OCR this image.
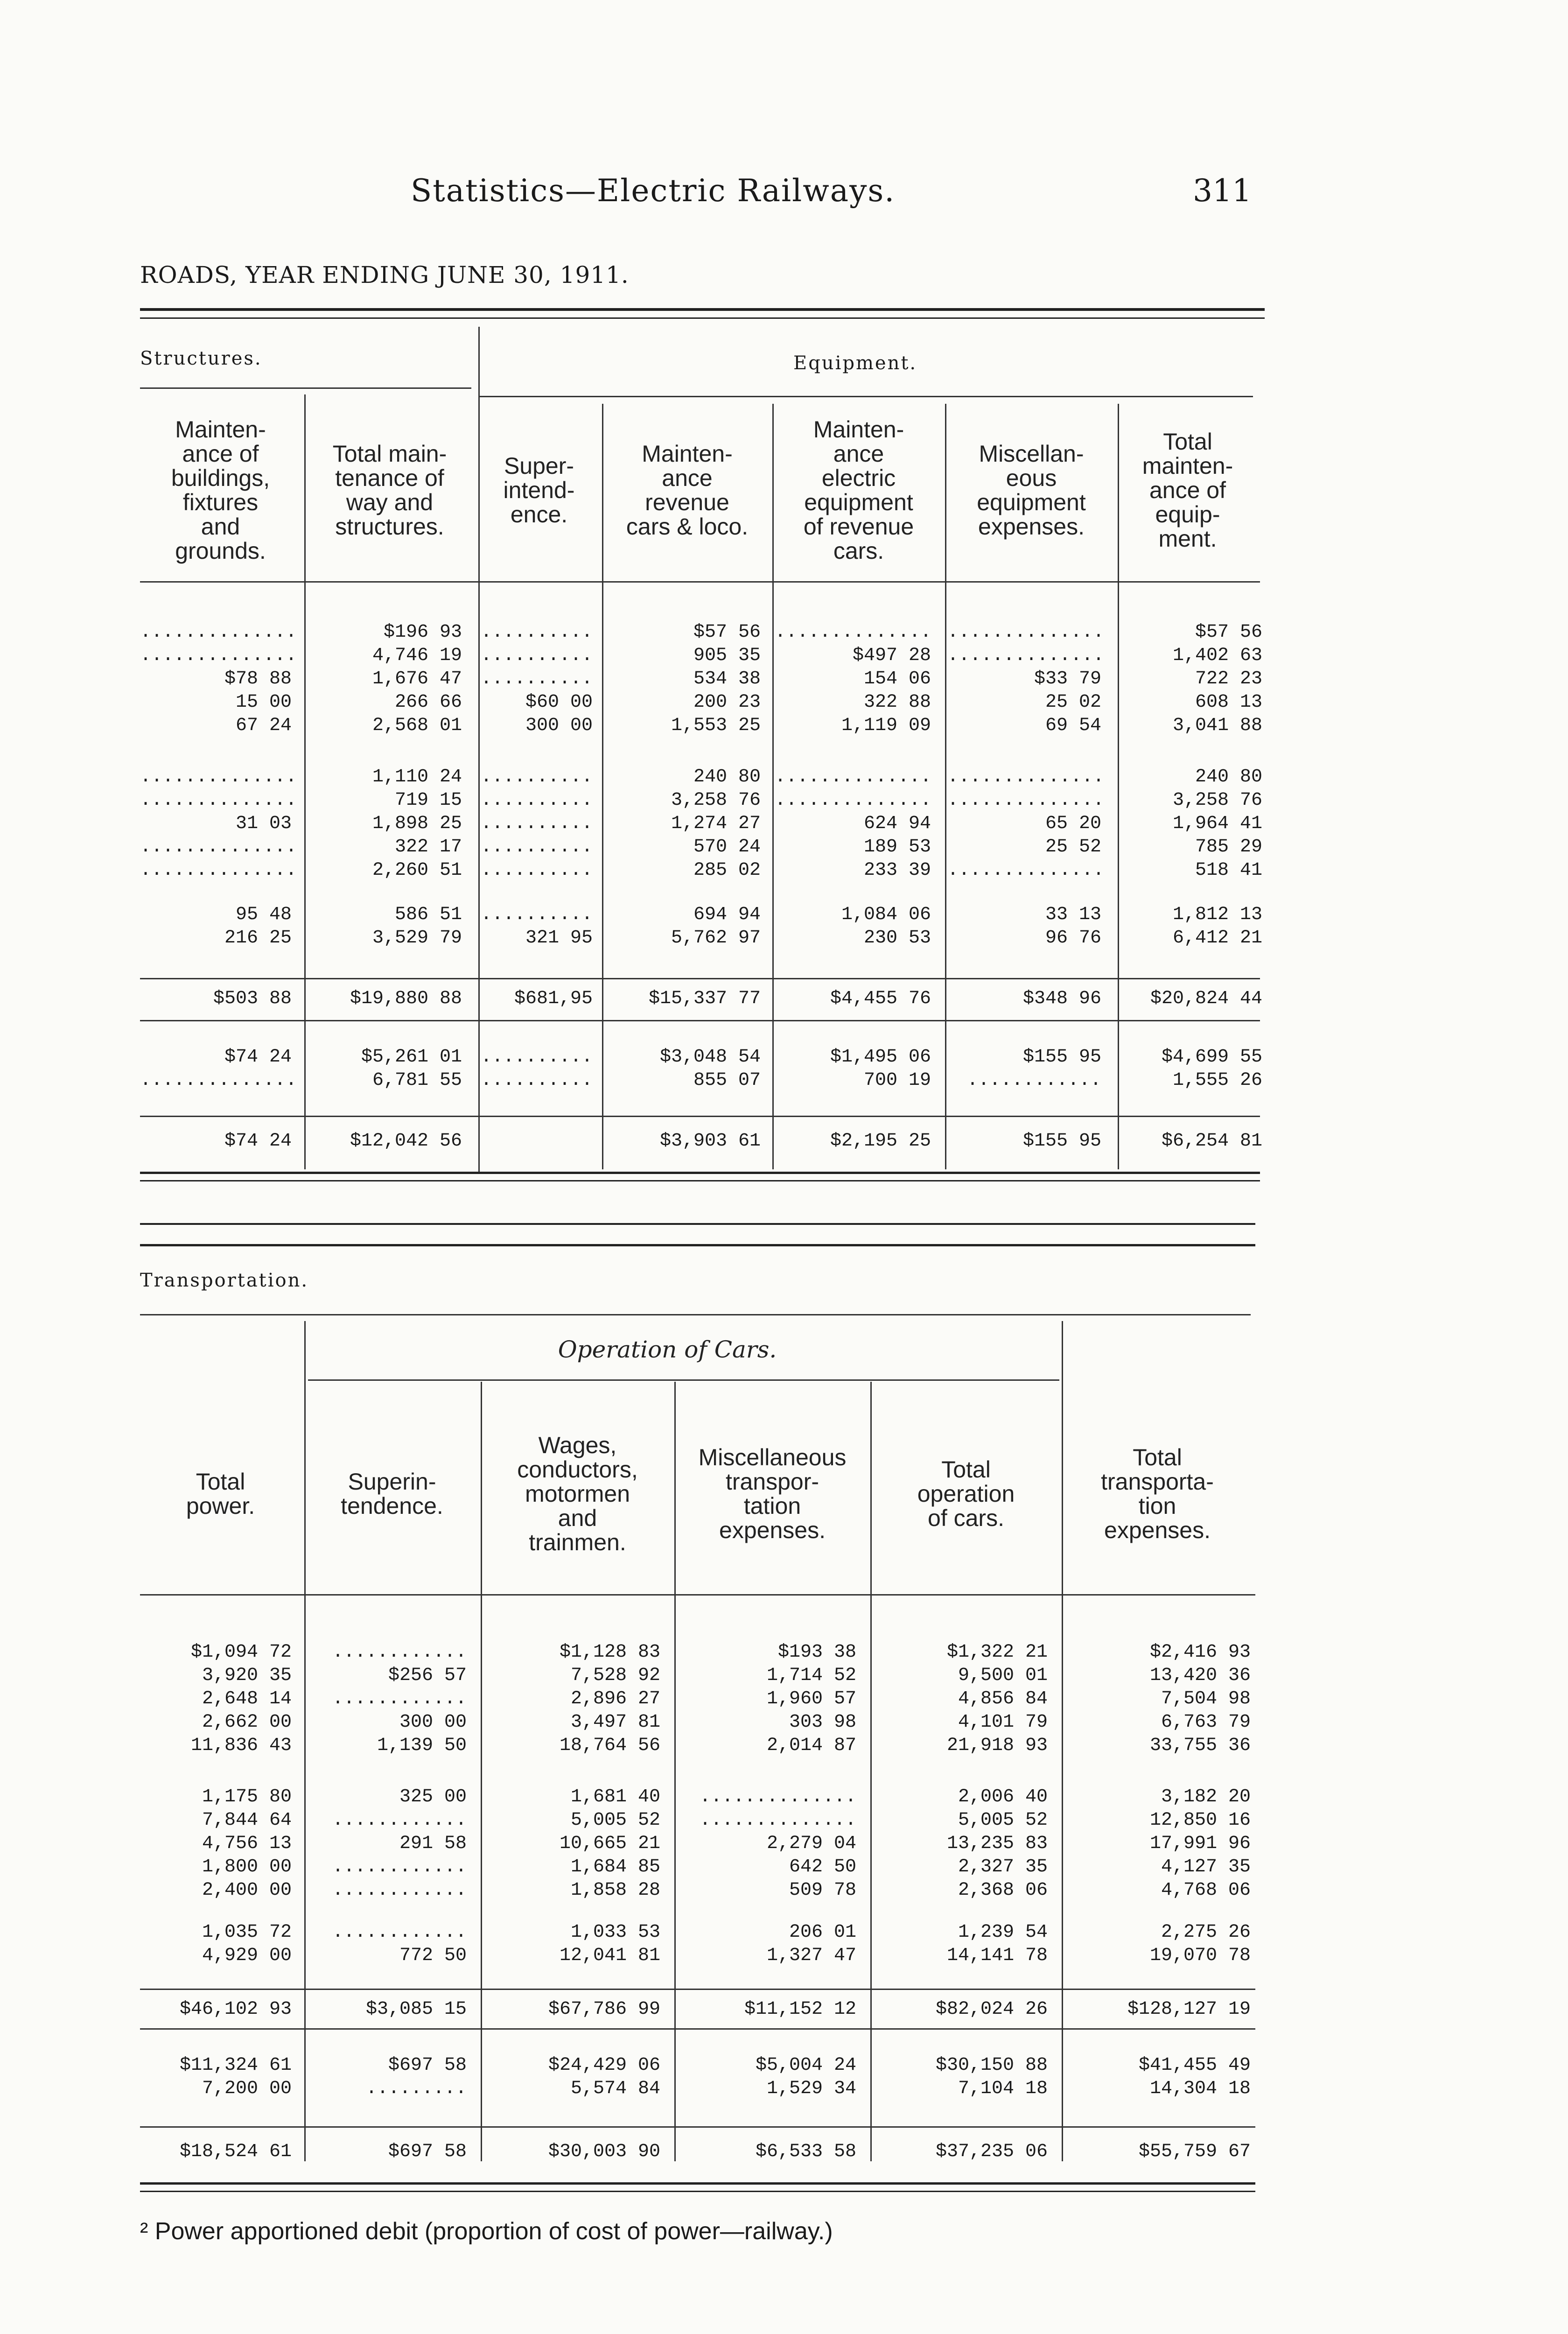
Statistics—Electric Railways.	311
ROADS, YEAR ENDING JUNE 30, 1911.
Structures.	Equipment.
Mainten-
ance of
buildings,
fixtures
and
grounds.
..............
..............
$78 88
15 00
67 24
..............
..............
31 03
..............
..............
95 48
216 25
$503 88
$74 24
..............
$74 24
Total main-
tenance of
way and
structures.
$196 93
4,746 19
1,676 47
266 66
2,568 01
1,110 24
719 15
1,898 25
322 17
2,260 51
586 51
3,529 79
$19,880 88
$5,261 01
6,781 55
$12,042 56
Super-
intend-
ence.
..........
..........
..........
$60 00
300 00
..........
..........
..........
..........
..........
..........
321 95
$681,95
..........
..........
Mainten-
ance
revenue
cars & loco.
$57 56
905 35
534 38
200 23
1,553 25
240 80
3,258 76
1,274 27
570 24
285 02
694 94
5,762 97
$15,337 77
$3,048 54
855 07
$3,903 61
Mainten-
ance
electric
equipment
of revenue
cars.
..............
$497 28
154 06
322 88
1,119 09
..............
..............
624 94
189 53
233 39
1,084 06
230 53
$4,455 76
$1,495 06
700 19
$2,195 25
Miscellan-
eous
equipment
expenses.
..............
..............
$33 79
25 02
69 54
..............
..............
65 20
25 52
..............
33 13
96 76
$348 96
$155 95
............
$155 95
Total
mainten-
ance of
equip-
ment.
$57 56
1,402 63
722 23
608 13
3,041 88
240 80
3,258 76
1,964 41
785 29
518 41
1,812 13
6,412 21
$20,824 44
$4,699 55
1,555 26
$6,254 81
Transportation.
Operation of Cars.
Total
power.
$1,094 72
3,920 35
2,648 14
2,662 00
11,836 43
1,175 80
7,844 64
4,756 13
1,800 00
2,400 00
1,035 72
4,929 00
$46,102 93
$11,324 61
7,200 00
$18,524 61
Superin-
tendence.
............
$256 57
............
300 00
1,139 50
325 00
............
291 58
............
............
............
772 50
$3,085 15
$697 58
.........
$697 58
Wages,
conductors,
motormen
and
trainmen.
$1,128 83
7,528 92
2,896 27
3,497 81
18,764 56
1,681 40
5,005 52
10,665 21
1,684 85
1,858 28
1,033 53
12,041 81
$67,786 99
$24,429 06
5,574 84
$30,003 90
Miscellaneous
transpor-
tation
expenses.
$193 38
1,714 52
1,960 57
303 98
2,014 87
..............
..............
2,279 04
642 50
509 78
206 01
1,327 47
$11,152 12
$5,004 24
1,529 34
$6,533 58
Total
operation
of cars.
$1,322 21
9,500 01
4,856 84
4,101 79
21,918 93
2,006 40
5,005 52
13,235 83
2,327 35
2,368 06
1,239 54
14,141 78
$82,024 26
$30,150 88
7,104 18
$37,235 06
Total
transporta-
tion
expenses.
$2,416 93
13,420 36
7,504 98
6,763 79
33,755 36
3,182 20
12,850 16
17,991 96
4,127 35
4,768 06
2,275 26
19,070 78
$128,127 19
$41,455 49
14,304 18
$55,759 67
² Power apportioned debit (proportion of cost of power—railway.)
